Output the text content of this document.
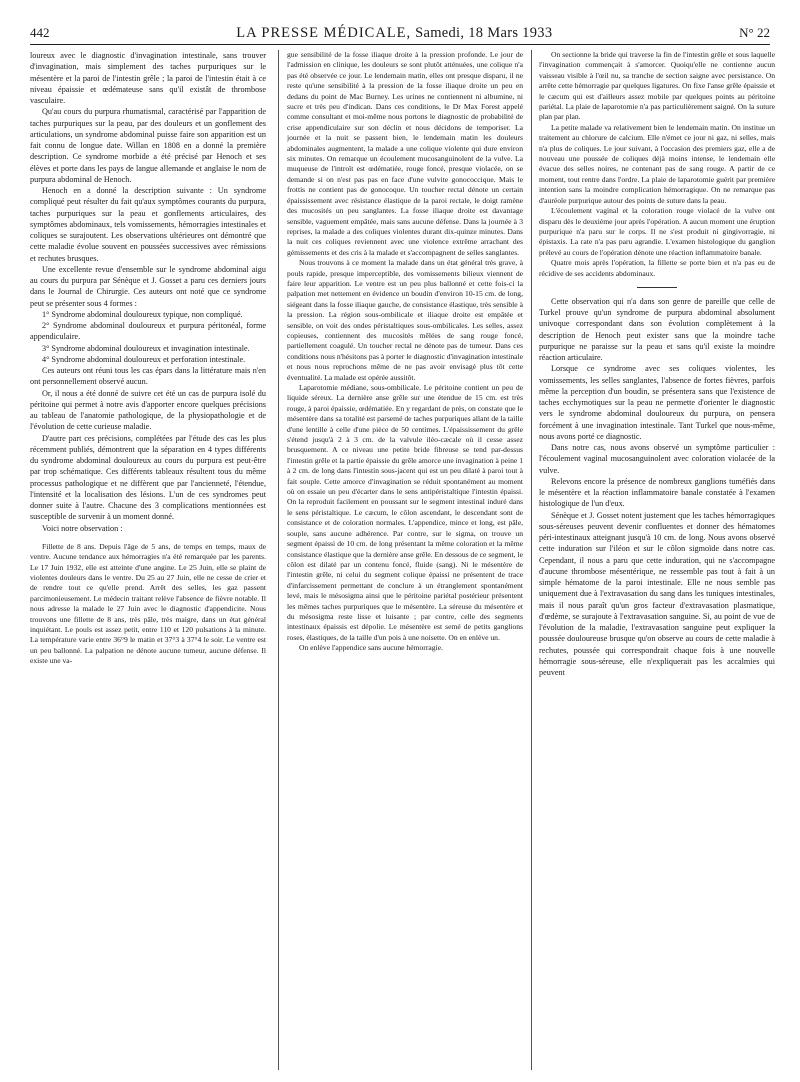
442	LA PRESSE MÉDICALE, Samedi, 18 Mars 1933	N° 22

loureux avec le diagnostic d'invagination intestinale, sans trouver d'invagination, mais simplement des taches purpuriques sur le mésentère et la paroi de l'intestin grêle ; la paroi de l'intestin était à ce niveau épaissie et œdémateuse sans qu'il existât de thrombose vasculaire.

Qu'au cours du purpura rhumatismal, caractérisé par l'apparition de taches purpuriques sur la peau, par des douleurs et un gonflement des articulations, un syndrome abdominal puisse faire son apparition est un fait connu de longue date. Willan en 1808 en a donné la première description. Ce syndrome morbide a été précisé par Henoch et ses élèves et porte dans les pays de langue allemande et anglaise le nom de purpura abdominal de Henoch.

Henoch en a donné la description suivante : Un syndrome compliqué peut résulter du fait qu'aux symptômes courants du purpura, taches purpuriques sur la peau et gonflements articulaires, des symptômes abdominaux, tels vomissements, hémorragies intestinales et coliques se surajoutent. Les observations ultérieures ont démontré que cette maladie évolue souvent en poussées successives avec rémissions et rechutes brusques.

Une excellente revue d'ensemble sur le syndrome abdominal aigu au cours du purpura par Sénèque et J. Gosset a paru ces derniers jours dans le Journal de Chirurgie. Ces auteurs ont noté que ce syndrome peut se présenter sous 4 formes :

1° Syndrome abdominal douloureux typique, non compliqué.

2° Syndrome abdominal douloureux et purpura péritonéal, forme appendiculaire.

3° Syndrome abdominal douloureux et invagination intestinale.

4° Syndrome abdominal douloureux et perforation intestinale.

Ces auteurs ont réuni tous les cas épars dans la littérature mais n'en ont personnellement observé aucun.

Or, il nous a été donné de suivre cet été un cas de purpura isolé du péritoine qui permet à notre avis d'apporter encore quelques précisions au tableau de l'anatomie pathologique, de la physiopathologie et de l'évolution de cette curieuse maladie.

D'autre part ces précisions, complétées par l'étude des cas les plus récemment publiés, démontrent que la séparation en 4 types différents du syndrome abdominal douloureux au cours du purpura est peut-être par trop schématique. Ces différents tableaux résultent tous du même processus pathologique et ne diffèrent que par l'ancienneté, l'étendue, l'intensité et la localisation des lésions. L'un de ces syndromes peut donner suite à l'autre. Chacune des 3 complications mentionnées est susceptible de survenir à un moment donné.

Voici notre observation :

Fillette de 8 ans. Depuis l'âge de 5 ans, de temps en temps, maux de ventre. Aucune tendance aux hémorragies n'a été remarquée par les parents. Le 17 Juin 1932, elle est atteinte d'une angine. Le 25 Juin, elle se plaint de violentes douleurs dans le ventre. Du 25 au 27 Juin, elle ne cesse de crier et de rendre tout ce qu'elle prend. Arrêt des selles, les gaz passent parcimonieusement. Le médecin traitant relève l'absence de fièvre notable. Il nous adresse la malade le 27 Juin avec le diagnostic d'appendicite. Nous trouvons une fillette de 8 ans, très pâle, très maigre, dans un état général inquiétant. Le pouls est assez petit, entre 110 et 120 pulsations à la minute. La température varie entre 36°9 le matin et 37°3 à 37°4 le soir. Le ventre est un peu ballonné. La palpation ne dénote aucune tumeur, aucune défense. Il existe une va-

gue sensibilité de la fosse iliaque droite à la pression profonde. Le jour de l'admission en clinique, les douleurs se sont plutôt atténuées, une colique n'a pas été observée ce jour. Le lendemain matin, elles ont presque disparu, il ne reste qu'une sensibilité à la pression de la fosse iliaque droite un peu en dedans du point de Mac Burney. Les urines ne contiennent ni albumine, ni sucre et très peu d'indican. Dans ces conditions, le Dr Max Forest appelé comme consultant et moi-même nous portons le diagnostic de probabilité de crise appendiculaire sur son déclin et nous décidons de temporiser. La journée et la nuit se passent bien, le lendemain matin les douleurs abdominales augmentent, la malade a une colique violente qui dure environ six minutes. On remarque un écoulement mucosanguinolent de la vulve. La muqueuse de l'introït est œdématiée, rouge foncé, presque violacée, on se demande si on n'est pas pas en face d'une vulvite gonococcique. Mais le frottis ne contient pas de gonocoque. Un toucher rectal dénote un certain épaississement avec résistance élastique de la paroi rectale, le doigt ramène des mucosités un peu sanglantes. La fosse iliaque droite est davantage sensible, vaguement empâtée, mais sans aucune défense. Dans la journée à 3 reprises, la malade a des coliques violentes durant dix-quinze minutes. Dans la nuit ces coliques reviennent avec une violence extrême arrachant des gémissements et des cris à la malade et s'accompagnent de selles sanglantes.

Nous trouvons à ce moment la malade dans un état général très grave, à pouls rapide, presque imperceptible, des vomissements bilieux viennent de faire leur apparition. Le ventre est un peu plus ballonné et cette fois-ci la palpation met nettement en évidence un boudin d'environ 10-15 cm. de long, siégeant dans la fosse iliaque gauche, de consistance élastique, très sensible à la pression. La région sous-ombilicale et iliaque droite est empâtée et sensible, on voit des ondes péristaltiques sous-ombilicales. Les selles, assez copieuses, contiennent des mucosités mêlées de sang rouge foncé, partiellement coagulé. Un toucher rectal ne dénote pas de tumeur. Dans ces conditions nous n'hésitons pas à porter le diagnostic d'invagination intestinale et nous nous reprochons même de ne pas avoir envisagé plus tôt cette éventualité. La malade est opérée aussitôt.

Laparotomie médiane, sous-ombilicale. Le péritoine contient un peu de liquide séreux. La dernière anse grêle sur une étendue de 15 cm. est très rouge, à paroi épaissie, œdématiée. En y regardant de près, on constate que le mésentère dans sa totalité est parsemé de taches purpuriques allant de la taille d'une lentille à celle d'une pièce de 50 centimes. L'épaississement du grêle s'étend jusqu'à 2 à 3 cm. de la valvule iléo-cæcale où il cesse assez brusquement. A ce niveau une petite bride fibreuse se tend par-dessus l'intestin grêle et la partie épaissie du grêle amorce une invagination à peine 1 à 2 cm. de long dans l'intestin sous-jacent qui est un peu dilaté à paroi tout à fait souple. Cette amorce d'invagination se réduit spontanément au moment où on essaie un peu d'écarter dans le sens antipéristaltique l'intestin épaissi. On la reproduit facilement en poussant sur le segment intestinal induré dans le sens péristaltique. Le cæcum, le côlon ascendant, le descendant sont de consistance et de coloration normales. L'appendice, mince et long, est pâle, souple, sans aucune adhérence. Par contre, sur le sigma, on trouve un segment épaissi de 10 cm. de long présentant la même coloration et la même consistance élastique que la dernière anse grêle. En dessous de ce segment, le côlon est dilaté par un contenu foncé, fluide (sang). Ni le mésentère de l'intestin grêle, ni celui du segment colique épaissi ne présentent de trace d'infarcissement permettant de conclure à un étranglement spontanément levé, mais le mésosigma ainsi que le péritoine pariétal postérieur présentent les mêmes taches purpuriques que le mésentère. La séreuse du mésentère et du mésosigma reste lisse et luisante ; par contre, celle des segments intestinaux épaissis est dépolie. Le mésentère est semé de petits ganglions roses, élastiques, de la taille d'un pois à une noisette. On en enlève un.

On enlève l'appendice sans aucune hémorragie.

On sectionne la bride qui traverse la fin de l'intestin grêle et sous laquelle l'invagination commençait à s'amorcer. Quoiqu'elle ne contienne aucun vaisseau visible à l'œil nu, sa tranche de section saigne avec persistance. On arrête cette hémorragie par quelques ligatures. On fixe l'anse grêle épaissie et le cæcum qui est d'ailleurs assez mobile par quelques points au péritoine pariétal. La plaie de laparotomie n'a pas particulièrement saigné. On la suture plan par plan.

La petite malade va relativement bien le lendemain matin. On institue un traitement au chlorure de calcium. Elle n'émet ce jour ni gaz, ni selles, mais n'a plus de coliques. Le jour suivant, à l'occasion des premiers gaz, elle a de nouveau une poussée de coliques déjà moins intense, le lendemain elle évacue des selles noires, ne contenant pas de sang rouge. A partir de ce moment, tout rentre dans l'ordre. La plaie de laparotomie guérit par première intention sans la moindre complication hémorragique. On ne remarque pas d'auréole purpurique autour des points de suture dans la peau.

L'écoulement vaginal et la coloration rouge violacé de la vulve ont disparu dès le deuxième jour après l'opération. A aucun moment une éruption purpurique n'a paru sur le corps. Il ne s'est produit ni gingivorragie, ni épistaxis. La rate n'a pas paru agrandie. L'examen histologique du ganglion prélevé au cours de l'opération dénote une réaction inflammatoire banale.

Quatre mois après l'opération, la fillette se porte bien et n'a pas eu de récidive de ses accidents abdominaux.

Cette observation qui n'a dans son genre de pareille que celle de Turkel prouve qu'un syndrome de purpura abdominal absolument univoque correspondant dans son évolution complètement à la description de Henoch peut exister sans que la moindre tache purpurique ne paraisse sur la peau et sans qu'il existe la moindre réaction articulaire.

Lorsque ce syndrome avec ses coliques violentes, les vomissements, les selles sanglantes, l'absence de fortes fièvres, parfois même la perception d'un boudin, se présentera sans que l'existence de taches ecchymotiques sur la peau ne permette d'orienter le diagnostic vers le syndrome abdominal douloureux du purpura, on pensera forcément à une invagination intestinale. Tant Turkel que nous-même, nous avons porté ce diagnostic.

Dans notre cas, nous avons observé un symptôme particulier : l'écoulement vaginal mucosanguinolent avec coloration violacée de la vulve.

Relevons encore la présence de nombreux ganglions tuméfiés dans le mésentère et la réaction inflammatoire banale constatée à l'examen histologique de l'un d'eux.

Sénèque et J. Gosset notent justement que les taches hémorragiques sous-séreuses peuvent devenir confluentes et donner des hématomes péri-intestinaux atteignant jusqu'à 10 cm. de long. Nous avons observé cette induration sur l'iléon et sur le côlon sigmoïde dans notre cas. Cependant, il nous a paru que cette induration, qui ne s'accompagne d'aucune thrombose mésentérique, ne ressemble pas tout à fait à un simple hématome de la paroi intestinale. Elle ne nous semble pas uniquement due à l'extravasation du sang dans les tuniques intestinales, mais il nous paraît qu'un gros facteur d'extravasation plasmatique, d'œdème, se surajoute à l'extravasation sanguine. Si, au point de vue de l'évolution de la maladie, l'extravasation sanguine peut expliquer la poussée douloureuse brusque qu'on observe au cours de cette maladie à rechutes, poussée qui correspondrait chaque fois à une nouvelle hémorragie sous-séreuse, elle n'expliquerait pas les accalmies qui peuvent
